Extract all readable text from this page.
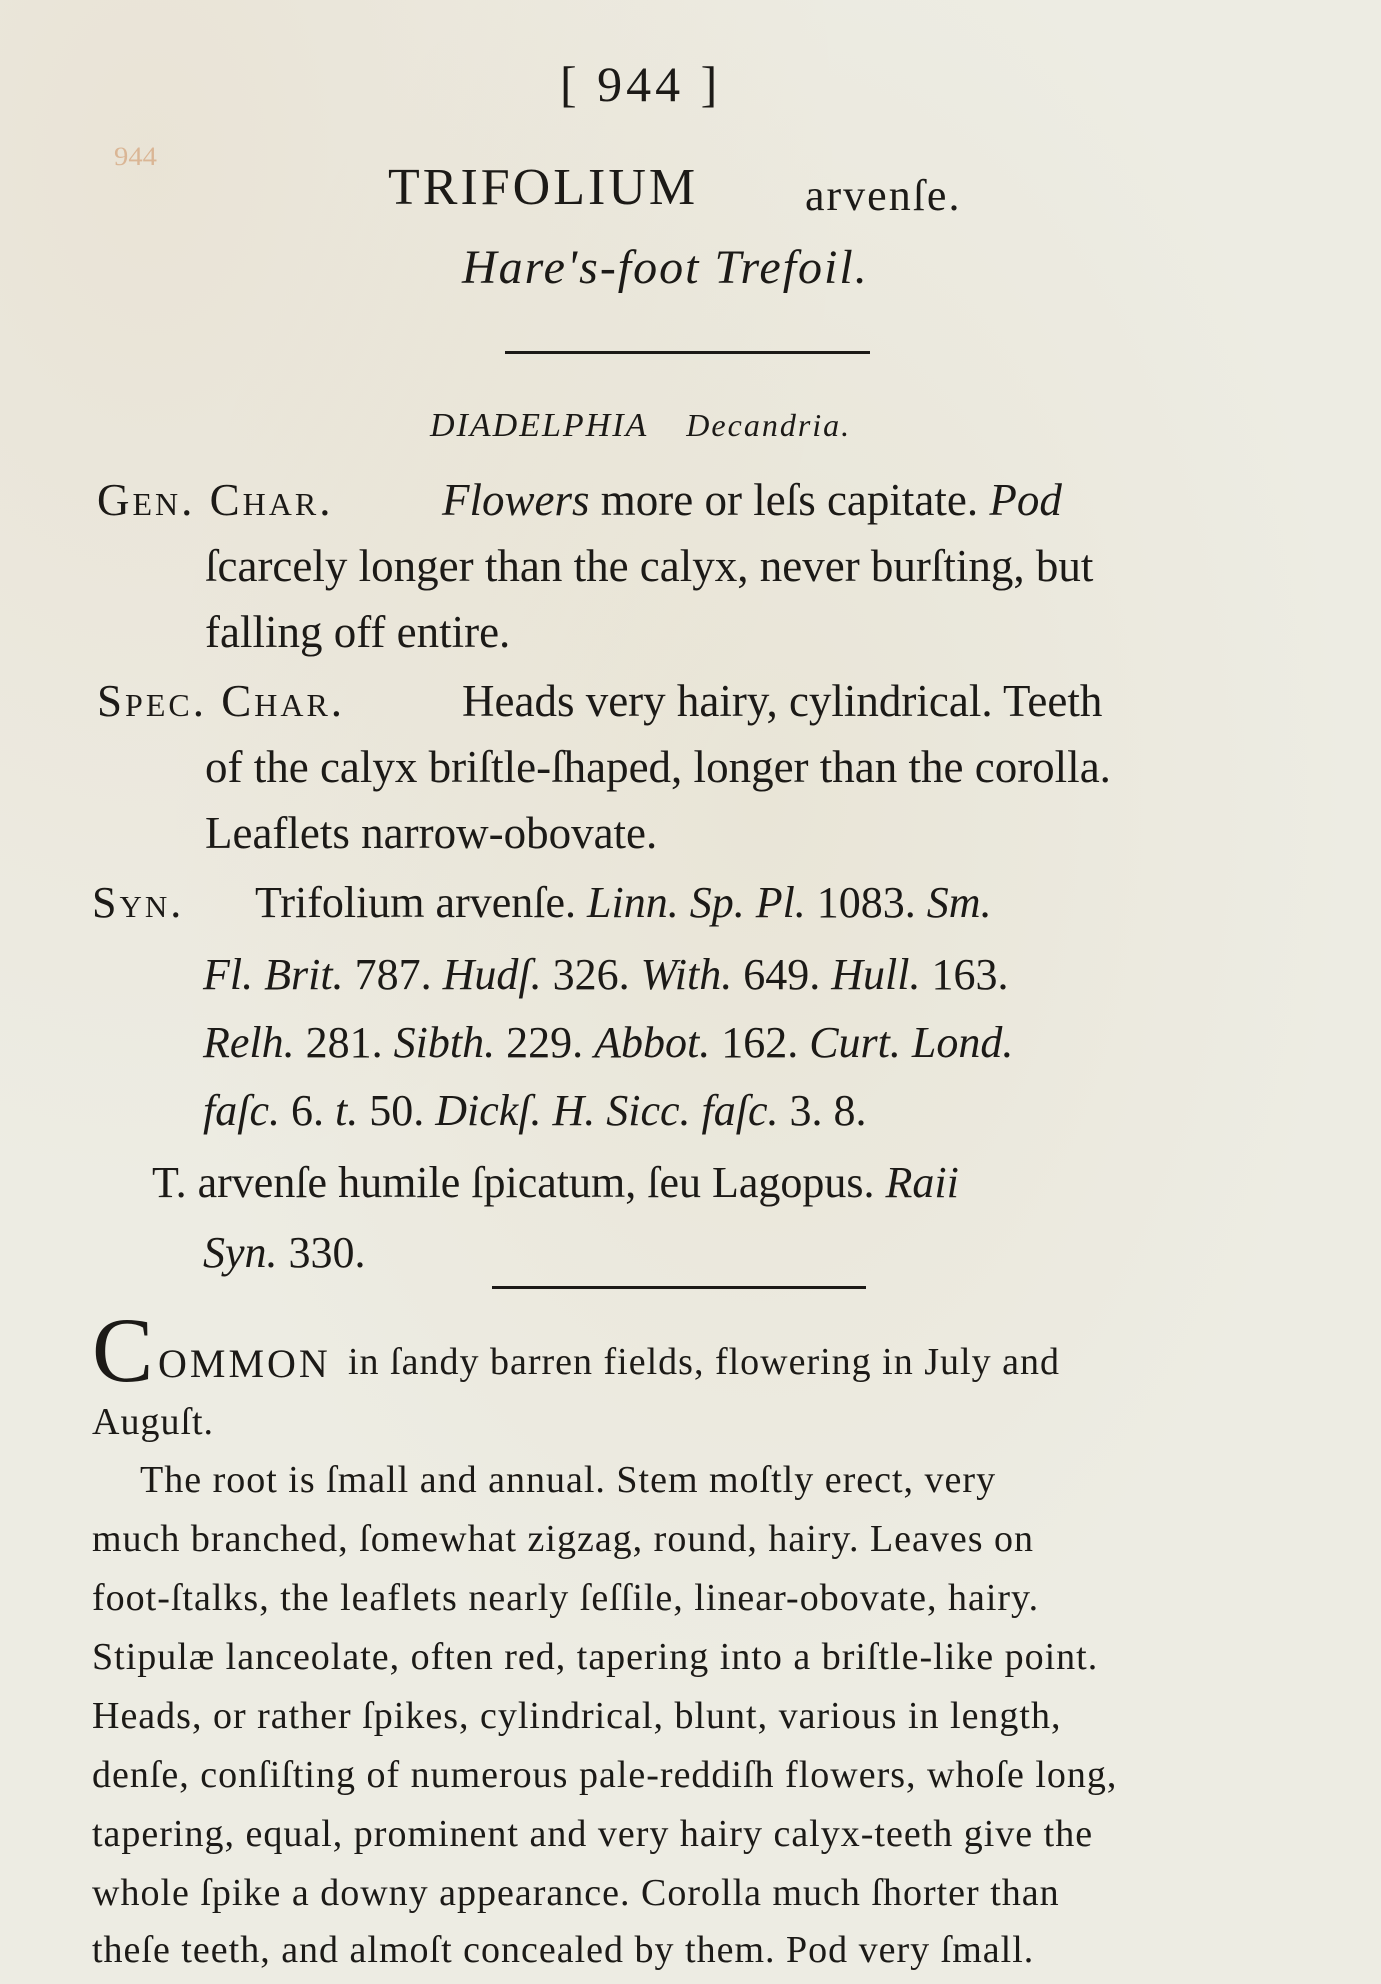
[ 944 ]
944
TRIFOLIUM arvenſe.
Hare's-foot Trefoil.
DIADELPHIA Decandria.
Gen. Char. Flowers more or leſs capitate. Pod
ſcarcely longer than the calyx, never burſting, but
falling off entire.
Spec. Char.	Heads very hairy, cylindrical. Teeth
of the calyx briſtle-ſhaped, longer than the corolla.
Leaflets narrow-obovate.
Syn. Trifolium arvenſe. Linn. Sp. Pl. 1083. Sm.
Fl. Brit. 787. Hudſ. 326. With. 649. Hull. 163.
Relh. 281. Sibth. 229. Abbot. 162. Curt. Lond.
faſc. 6. t. 50. Dickſ. H. Sicc. faſc. 3. 8.
T. arvenſe humile ſpicatum, ſeu Lagopus. Raii
Syn. 330.
C OMMON in ſandy barren fields, flowering in July and
Auguſt.
The root is ſmall and annual. Stem moſtly erect, very
much branched, ſomewhat zigzag, round, hairy. Leaves on
foot-ſtalks, the leaflets nearly ſeſſile, linear-obovate, hairy.
Stipulæ lanceolate, often red, tapering into a briſtle-like point.
Heads, or rather ſpikes, cylindrical, blunt, various in length,
denſe, conſiſting of numerous pale-reddiſh flowers, whoſe long,
tapering, equal, prominent and very hairy calyx-teeth give the
whole ſpike a downy appearance. Corolla much ſhorter than
theſe teeth, and almoſt concealed by them. Pod very ſmall.
